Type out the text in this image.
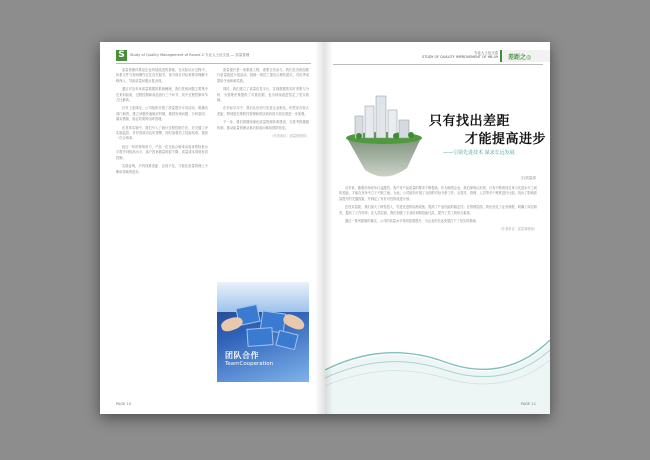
S	Study of Quality Management of Round 2 专业人士征文选 — 质量管理

质量管理体系是企业持续改进的基础，在实际运行过程中，体系文件与现场操作往往存在脱节，部分岗位对标准要求理解不够深入，导致质量问题反复出现。

通过对近年来质量数据的系统梳理，我们发现问题主要集中在来料检验、过程控制和成品放行三个环节，其中过程控制环节占比最高。

针对上述情况，公司组织开展了质量提升专项活动，明确各部门职责，建立问题快速响应机制，做到发现问题、分析原因、落实措施、验证效果的闭环管理。

在具体实施中，我们引入了统计过程控制方法，对关键工序实施监控，对异常波动及时预警，同时加强员工技能培训，提高一次合格率。

经过一年的持续努力，产品一次交检合格率由原来的较低水平提升到较高水平，客户投诉数量明显下降，质量成本得到有效控制。

实践证明，只有找准差距、正视不足，才能在质量管理上不断取得新的进步。

质量提升是一项系统工程，需要全员参与。我们在各班组推行质量改进小组活动，鼓励一线员工提出合理化建议，对优秀成果给予表彰和奖励。

同时，我们建立了质量信息平台，实现数据的实时采集与分析，为管理决策提供了可靠依据，也为持续改进奠定了坚实基础。

在对标学习中，我们认识到与先进企业相比，仍然存在较大差距，特别是在预防性管理和供应商协同方面还需进一步加强。

下一步，我们将继续深化质量管理体系建设，完善考核激励机制，推动质量管理从事后检验向事前预防转变。

（作者单位：质量管理部）

团队合作
TeamCooperation
PAGE 10
专业人士征文选
STUDY OF QUALITY IMPROVEMENT OF HB-49 差距之◎
只有找出差距
才能提高进步
——引领先进技术 谋求长远发展
文/质量部

近年来，随着市场竞争日益激烈，客户对产品质量的要求不断提高。作为制造企业，我们深刻认识到，只有不断查找自身与先进水平之间的差距，才能在竞争中立于不败之地。为此，公司组织开展了全面的对标分析工作，从技术、管理、人员等多个维度进行比较，找出了影响质量提升的关键因素，并制定了有针对性的改进计划。

在技术层面，我们加大了研发投入，引进先进的检测设备，提高了产品性能的稳定性；在管理层面，我们优化了业务流程，明确了岗位职责，提高了工作效率；在人员层面，我们加强了专业培训和技能比武，提升了员工的综合素质。

通过一系列措施的落实，公司的质量水平得到显著提升，为企业的长远发展打下了坚实的基础。

（作者单位：质量管理部）

PAGE 11
